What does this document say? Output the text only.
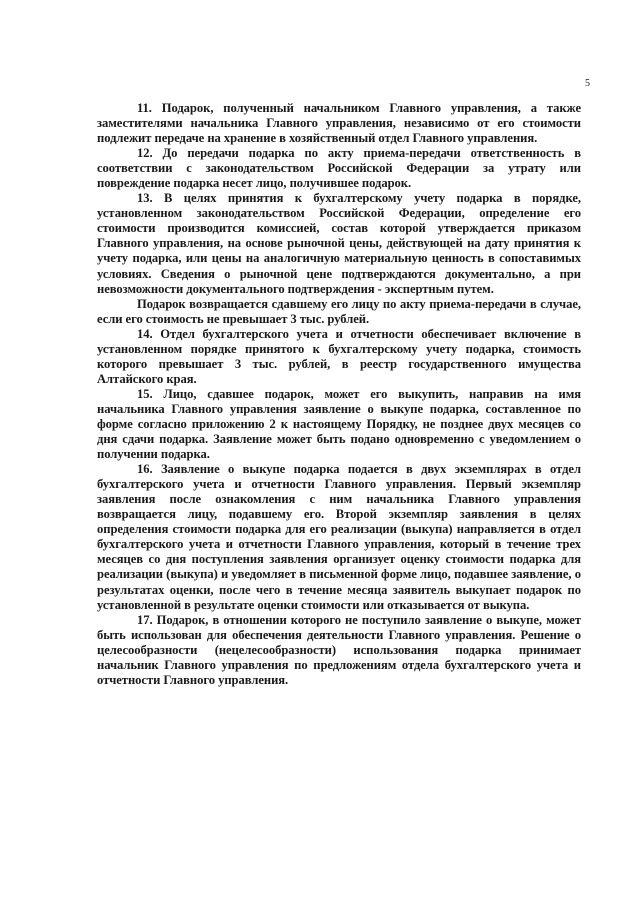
5

11. Подарок, полученный начальником Главного управления, а также заместителями начальника Главного управления, независимо от его стоимости подлежит передаче на хранение в хозяйственный отдел Главного управления.

12. До передачи подарка по акту приема-передачи ответственность в соответствии с законодательством Российской Федерации за утрату или повреждение подарка несет лицо, получившее подарок.

13. В целях принятия к бухгалтерскому учету подарка в порядке, установленном законодательством Российской Федерации, определение его стоимости производится комиссией, состав которой утверждается приказом Главного управления, на основе рыночной цены, действующей на дату принятия к учету подарка, или цены на аналогичную материальную ценность в сопоставимых условиях. Сведения о рыночной цене подтверждаются документально, а при невозможности документального подтверждения - экспертным путем.

Подарок возвращается сдавшему его лицу по акту приема-передачи в случае, если его стоимость не превышает 3 тыс. рублей.

14. Отдел бухгалтерского учета и отчетности обеспечивает включение в установленном порядке принятого к бухгалтерскому учету подарка, стоимость которого превышает 3 тыс. рублей, в реестр государственного имущества Алтайского края.

15. Лицо, сдавшее подарок, может его выкупить, направив на имя начальника Главного управления заявление о выкупе подарка, составленное по форме согласно приложению 2 к настоящему Порядку, не позднее двух месяцев со дня сдачи подарка. Заявление может быть подано одновременно с уведомлением о получении подарка.

16. Заявление о выкупе подарка подается в двух экземплярах в отдел бухгалтерского учета и отчетности Главного управления. Первый экземпляр заявления после ознакомления с ним начальника Главного управления возвращается лицу, подавшему его. Второй экземпляр заявления в целях определения стоимости подарка для его реализации (выкупа) направляется в отдел бухгалтерского учета и отчетности Главного управления, который в течение трех месяцев со дня поступления заявления организует оценку стоимости подарка для реализации (выкупа) и уведомляет в письменной форме лицо, подавшее заявление, о результатах оценки, после чего в течение месяца заявитель выкупает подарок по установленной в результате оценки стоимости или отказывается от выкупа.

17. Подарок, в отношении которого не поступило заявление о выкупе, может быть использован для обеспечения деятельности Главного управления. Решение о целесообразности (нецелесообразности) использования подарка принимает начальник Главного управления по предложениям отдела бухгалтерского учета и отчетности Главного управления.
